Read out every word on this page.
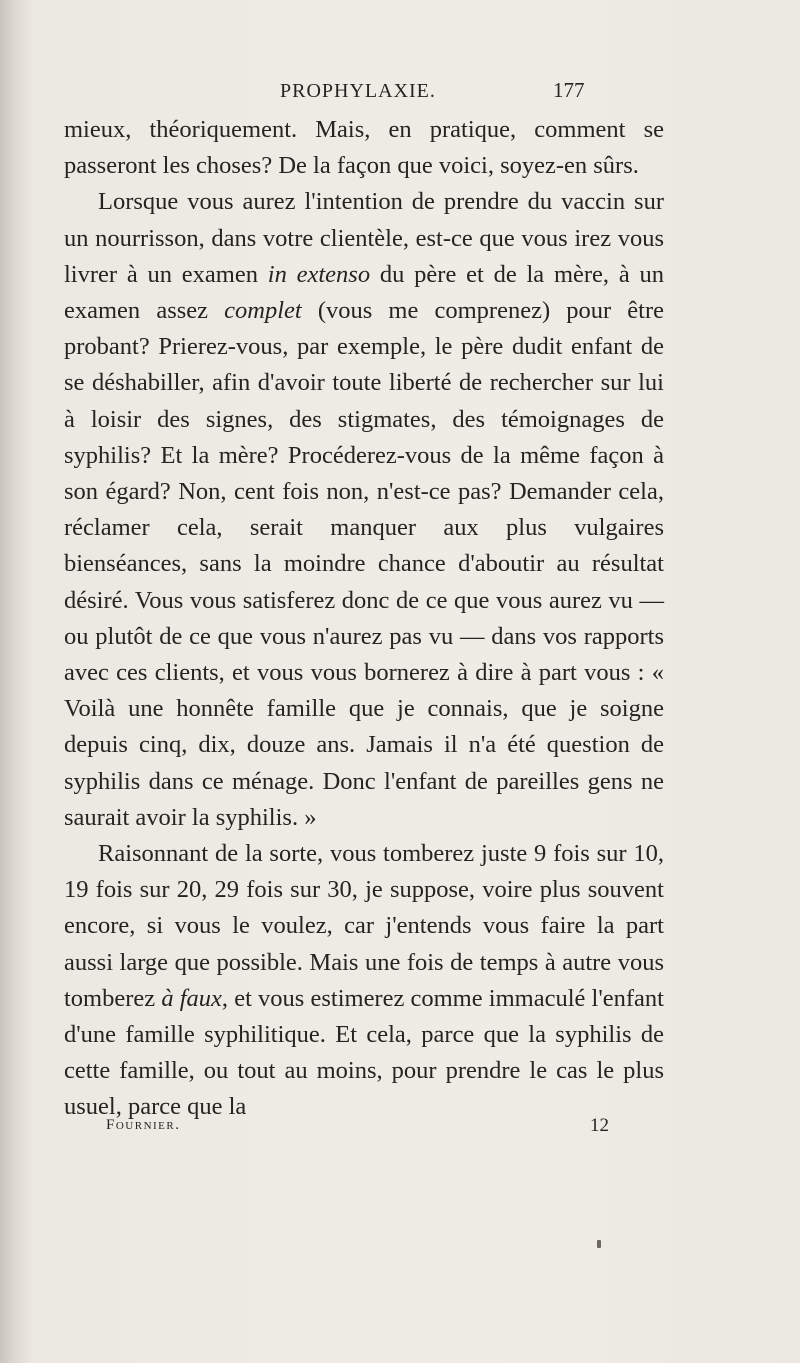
PROPHYLAXIE.	177

mieux, théoriquement. Mais, en pratique, comment se passeront les choses? De la façon que voici, soyez-en sûrs.

Lorsque vous aurez l'intention de prendre du vaccin sur un nourrisson, dans votre clientèle, est-ce que vous irez vous livrer à un examen in extenso du père et de la mère, à un examen assez complet (vous me comprenez) pour être probant? Prierez-vous, par exemple, le père dudit enfant de se déshabiller, afin d'avoir toute liberté de rechercher sur lui à loisir des signes, des stigmates, des témoignages de syphilis? Et la mère? Procéderez-vous de la même façon à son égard? Non, cent fois non, n'est-ce pas? Demander cela, réclamer cela, serait manquer aux plus vulgaires bienséances, sans la moindre chance d'aboutir au résultat désiré. Vous vous satisferez donc de ce que vous aurez vu — ou plutôt de ce que vous n'aurez pas vu — dans vos rapports avec ces clients, et vous vous bornerez à dire à part vous : « Voilà une honnête famille que je connais, que je soigne depuis cinq, dix, douze ans. Jamais il n'a été question de syphilis dans ce ménage. Donc l'enfant de pareilles gens ne saurait avoir la syphilis. »

Raisonnant de la sorte, vous tomberez juste 9 fois sur 10, 19 fois sur 20, 29 fois sur 30, je suppose, voire plus souvent encore, si vous le voulez, car j'entends vous faire la part aussi large que possible. Mais une fois de temps à autre vous tomberez à faux, et vous estimerez comme immaculé l'enfant d'une famille syphilitique. Et cela, parce que la syphilis de cette famille, ou tout au moins, pour prendre le cas le plus usuel, parce que la

Fournier.	12
